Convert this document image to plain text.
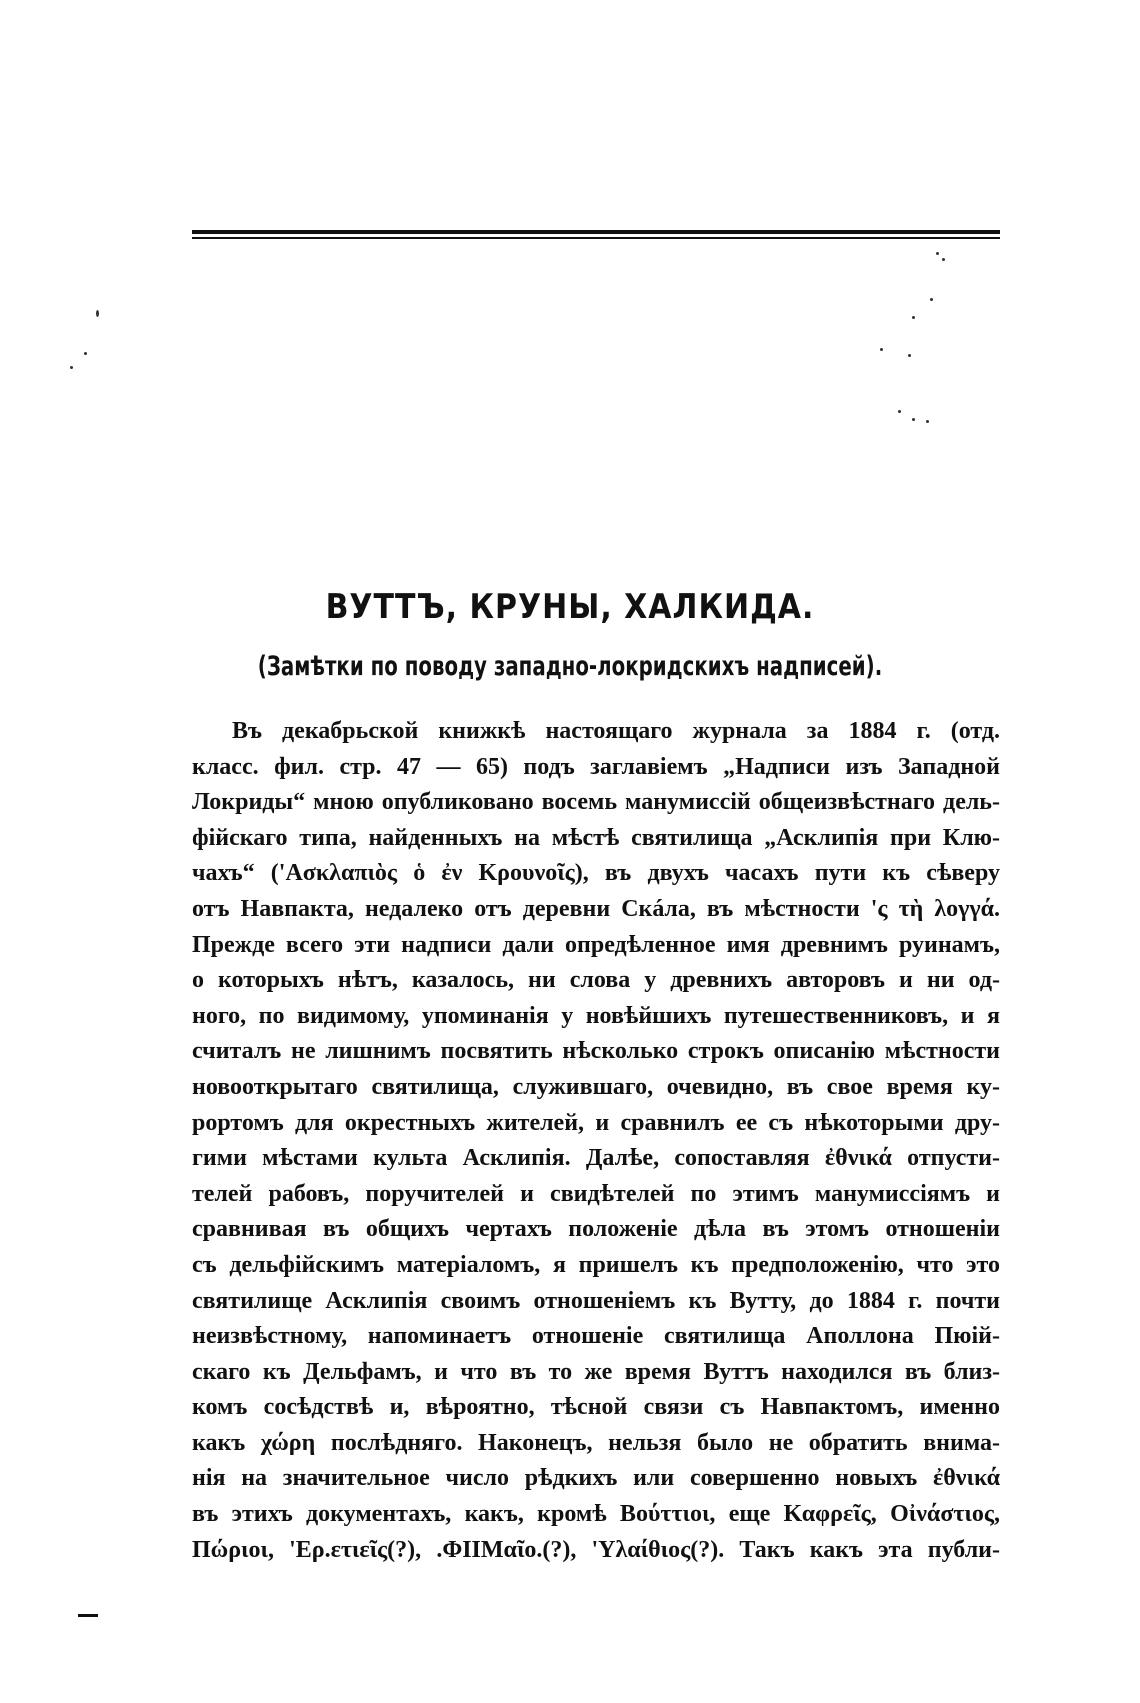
ВУТТЪ, КРУНЫ, ХАЛКИДА.
(Замѣтки по поводу западно-локридскихъ надписей).
Въ декабрьской книжкѣ настоящаго журнала за 1884 г. (отд.
класс. фил. стр. 47 — 65) подъ заглавіемъ „Надписи изъ Западной
Локриды“ мною опубликовано восемь манумиссій общеизвѣстнаго дель-
фійскаго типа, найденныхъ на мѣстѣ святилища „Асклипія при Клю-
чахъ“ ('Ασκλαπιὸς ὁ ἐν Κρουνοῖς), въ двухъ часахъ пути къ сѣверу
отъ Навпакта, недалеко отъ деревни Скáла, въ мѣстности 'ς τὴ λογγά.
Прежде всего эти надписи дали опредѣленное имя древнимъ руинамъ,
о которыхъ нѣтъ, казалось, ни слова у древнихъ авторовъ и ни од-
ного, по видимому, упоминанія у новѣйшихъ путешественниковъ, и я
считалъ не лишнимъ посвятить нѣсколько строкъ описанію мѣстности
новооткрытаго святилища, служившаго, очевидно, въ свое время ку-
рортомъ для окрестныхъ жителей, и сравнилъ ее съ нѣкоторыми дру-
гими мѣстами культа Асклипія. Далѣе, сопоставляя ἐθνικά отпусти-
телей рабовъ, поручителей и свидѣтелей по этимъ манумиссіямъ и
сравнивая въ общихъ чертахъ положеніе дѣла въ этомъ отношеніи
съ дельфійскимъ матеріаломъ, я пришелъ къ предположенію, что это
святилище Асклипія своимъ отношеніемъ къ Вутту, до 1884 г. почти
неизвѣстному, напоминаетъ отношеніе святилища Аполлона Пюій-
скаго къ Дельфамъ, и что въ то же время Вуттъ находился въ близ-
комъ сосѣдствѣ и, вѣроятно, тѣсной связи съ Навпактомъ, именно
какъ χώρη послѣдняго. Наконецъ, нельзя было не обратить внима-
нія на значительное число рѣдкихъ или совершенно новыхъ ἐθνικά
въ этихъ документахъ, какъ, кромѣ Βούττιοι, еще Καφρεῖς, Οἰνάστιος,
Πώριοι, 'Ερ.ετιεῖς(?), .ΦΙΙΜαῖο.(?), 'Υλαίθιος(?). Такъ какъ эта публи-
